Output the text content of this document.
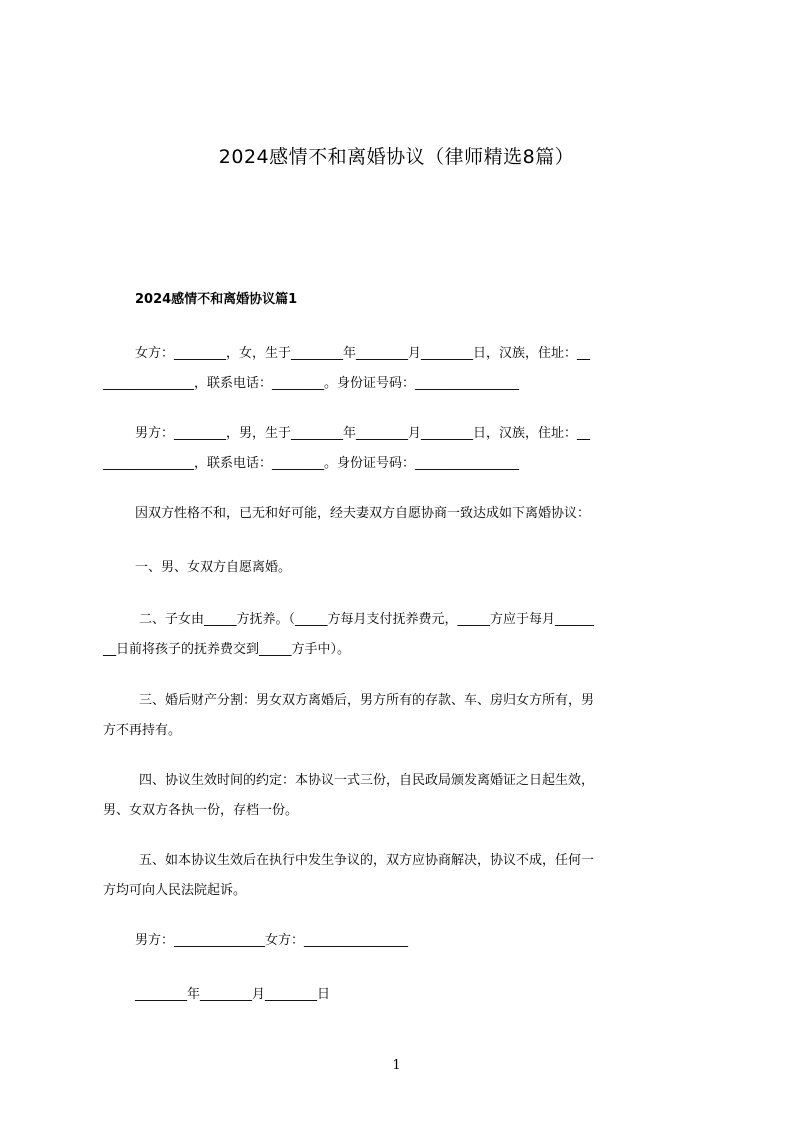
2024感情不和离婚协议（律师精选8篇）
2024感情不和离婚协议篇1
女方：________，女，生于________年________月________日，汉族，住址：__
______________，联系电话：________。身份证号码：________________
男方：________，男，生于________年________月________日，汉族，住址：__
______________，联系电话：________。身份证号码：________________
因双方性格不和，已无和好可能，经夫妻双方自愿协商一致达成如下离婚协议：
一、男、女双方自愿离婚。
二、子女由_____方抚养。（_____方每月支付抚养费元，_____方应于每月______
__日前将孩子的抚养费交到_____方手中）。
三、婚后财产分割：男女双方离婚后，男方所有的存款、车、房归女方所有，男
方不再持有。
四、协议生效时间的约定：本协议一式三份，自民政局颁发离婚证之日起生效，
男、女双方各执一份，存档一份。
五、如本协议生效后在执行中发生争议的，双方应协商解决，协议不成，任何一
方均可向人民法院起诉。
男方：______________女方：________________
________年________月________日
1
